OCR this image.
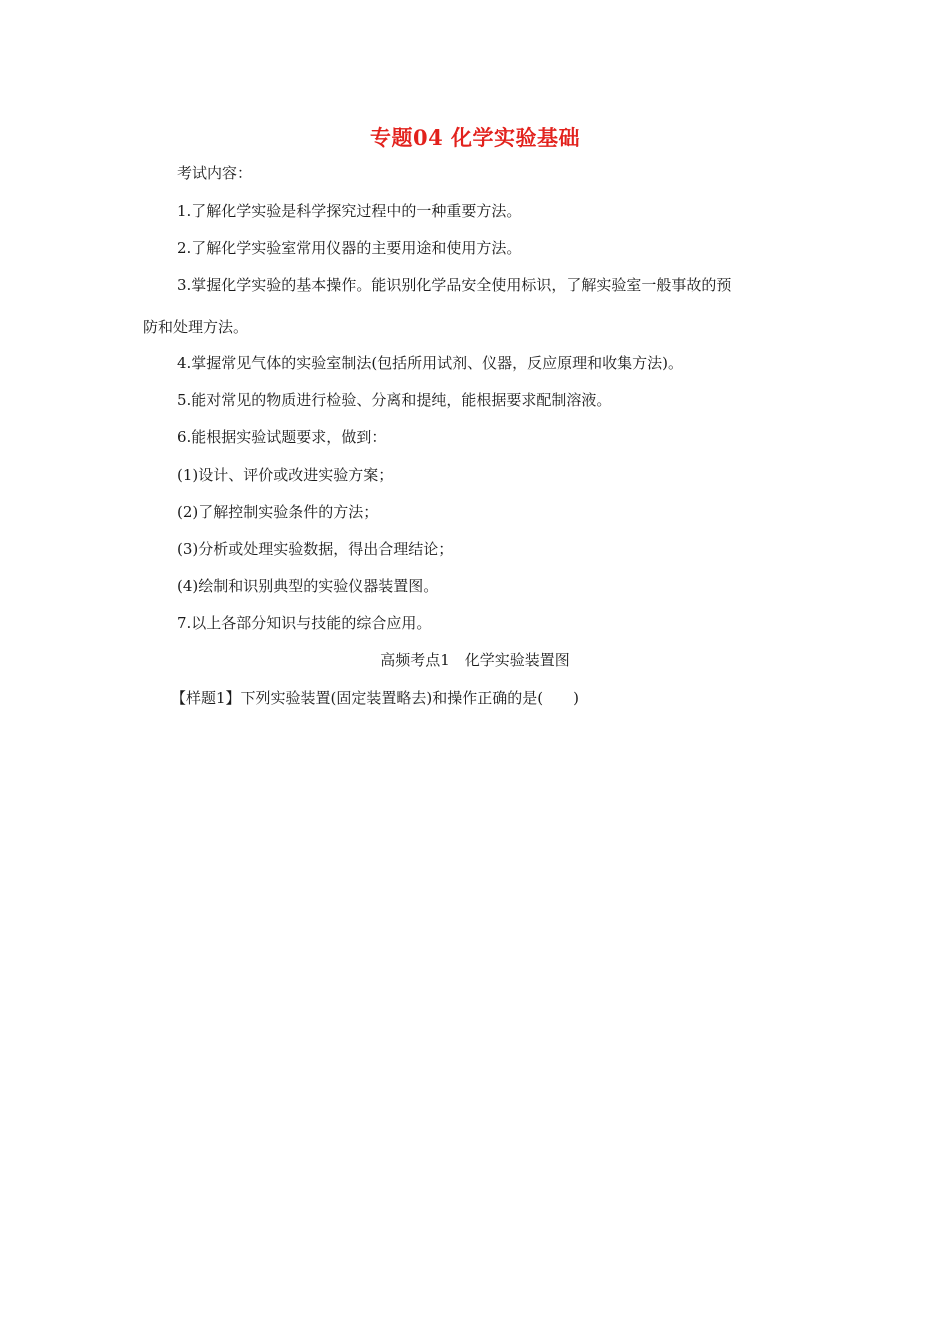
专题04 化学实验基础
考试内容：
1.了解化学实验是科学探究过程中的一种重要方法。
2.了解化学实验室常用仪器的主要用途和使用方法。
3.掌握化学实验的基本操作。能识别化学品安全使用标识，了解实验室一般事故的预
防和处理方法。
4.掌握常见气体的实验室制法(包括所用试剂、仪器，反应原理和收集方法)。
5.能对常见的物质进行检验、分离和提纯，能根据要求配制溶液。
6.能根据实验试题要求，做到：
(1)设计、评价或改进实验方案；
(2)了解控制实验条件的方法；
(3)分析或处理实验数据，得出合理结论；
(4)绘制和识别典型的实验仪器装置图。
7.以上各部分知识与技能的综合应用。
高频考点1　化学实验装置图
【样题1】下列实验装置(固定装置略去)和操作正确的是(　　)
